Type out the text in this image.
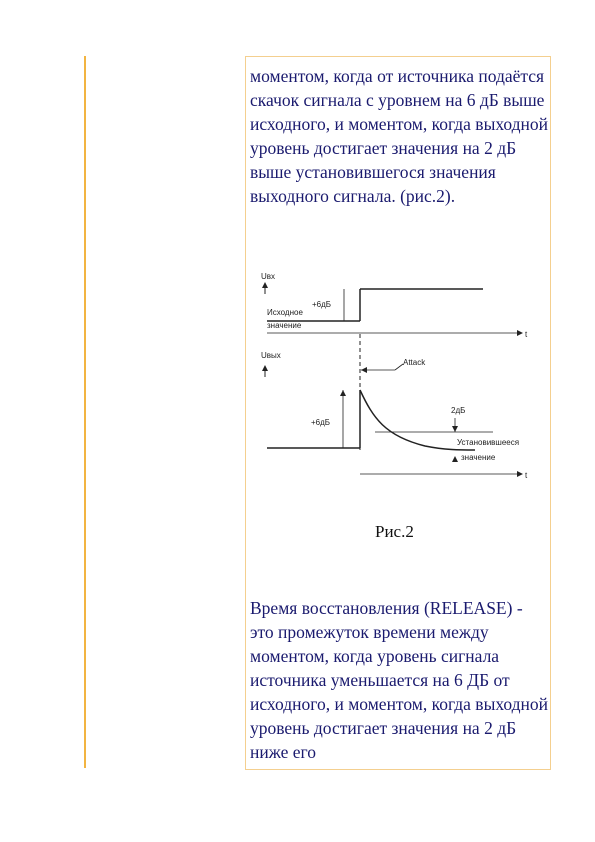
моментом, когда от источника подаётся скачок сигнала с уровнем на 6 дБ выше исходного, и моментом, когда выходной уровень достигает значения на 2 дБ выше установившегося значения выходного сигнала. (рис.2).

Uвх
+6дБ
Исходное
значение
t
Uвых
Attack
+6дБ
2дБ
Установившееся
значение
t

Рис.2

Время восстановления (RELEASE) - это промежуток времени между моментом, когда уровень сигнала источника уменьшается на 6 ДБ от исходного, и моментом, когда выходной уровень достигает значения на 2 дБ ниже его
